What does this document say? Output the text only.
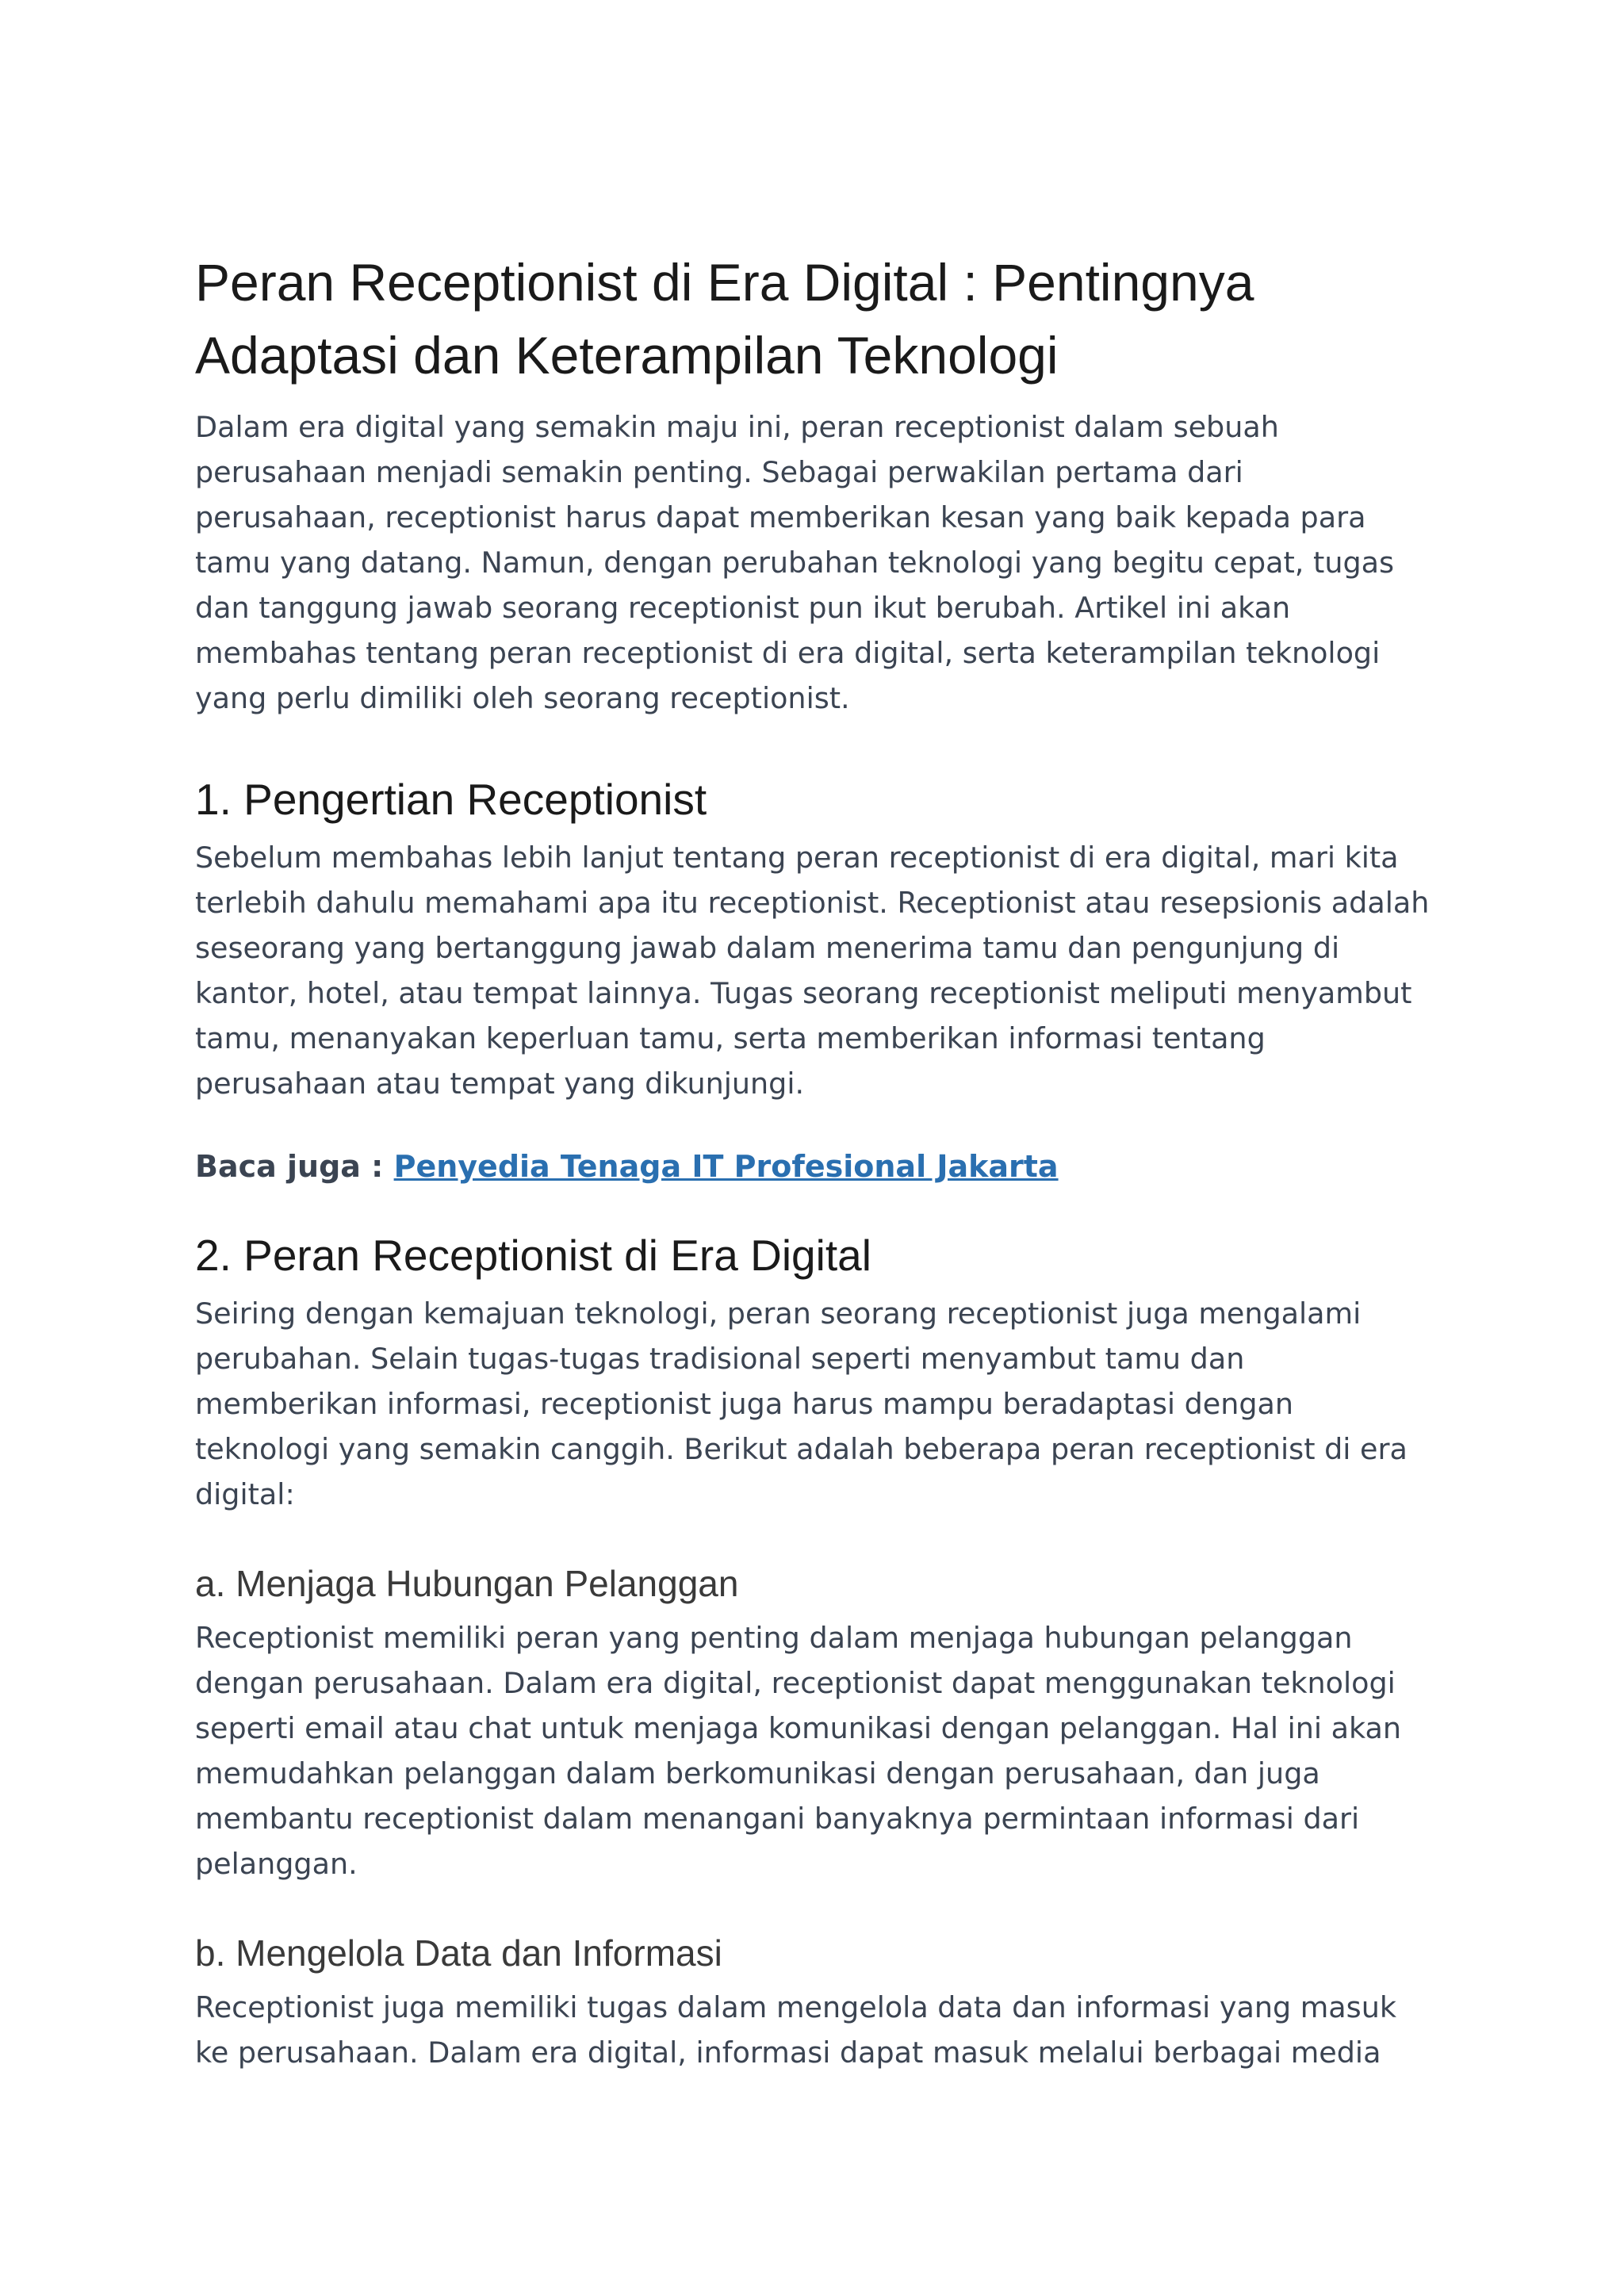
Peran Receptionist di Era Digital : Pentingnya Adaptasi dan Keterampilan Teknologi

Dalam era digital yang semakin maju ini, peran receptionist dalam sebuah perusahaan menjadi semakin penting. Sebagai perwakilan pertama dari perusahaan, receptionist harus dapat memberikan kesan yang baik kepada para tamu yang datang. Namun, dengan perubahan teknologi yang begitu cepat, tugas dan tanggung jawab seorang receptionist pun ikut berubah. Artikel ini akan membahas tentang peran receptionist di era digital, serta keterampilan teknologi yang perlu dimiliki oleh seorang receptionist.

1. Pengertian Receptionist

Sebelum membahas lebih lanjut tentang peran receptionist di era digital, mari kita terlebih dahulu memahami apa itu receptionist. Receptionist atau resepsionis adalah seseorang yang bertanggung jawab dalam menerima tamu dan pengunjung di kantor, hotel, atau tempat lainnya. Tugas seorang receptionist meliputi menyambut tamu, menanyakan keperluan tamu, serta memberikan informasi tentang perusahaan atau tempat yang dikunjungi.

Baca juga : Penyedia Tenaga IT Profesional Jakarta
2. Peran Receptionist di Era Digital

Seiring dengan kemajuan teknologi, peran seorang receptionist juga mengalami perubahan. Selain tugas-tugas tradisional seperti menyambut tamu dan memberikan informasi, receptionist juga harus mampu beradaptasi dengan teknologi yang semakin canggih. Berikut adalah beberapa peran receptionist di era digital:

a. Menjaga Hubungan Pelanggan

Receptionist memiliki peran yang penting dalam menjaga hubungan pelanggan dengan perusahaan. Dalam era digital, receptionist dapat menggunakan teknologi seperti email atau chat untuk menjaga komunikasi dengan pelanggan. Hal ini akan memudahkan pelanggan dalam berkomunikasi dengan perusahaan, dan juga membantu receptionist dalam menangani banyaknya permintaan informasi dari pelanggan.

b. Mengelola Data dan Informasi

Receptionist juga memiliki tugas dalam mengelola data dan informasi yang masuk ke perusahaan. Dalam era digital, informasi dapat masuk melalui berbagai media
